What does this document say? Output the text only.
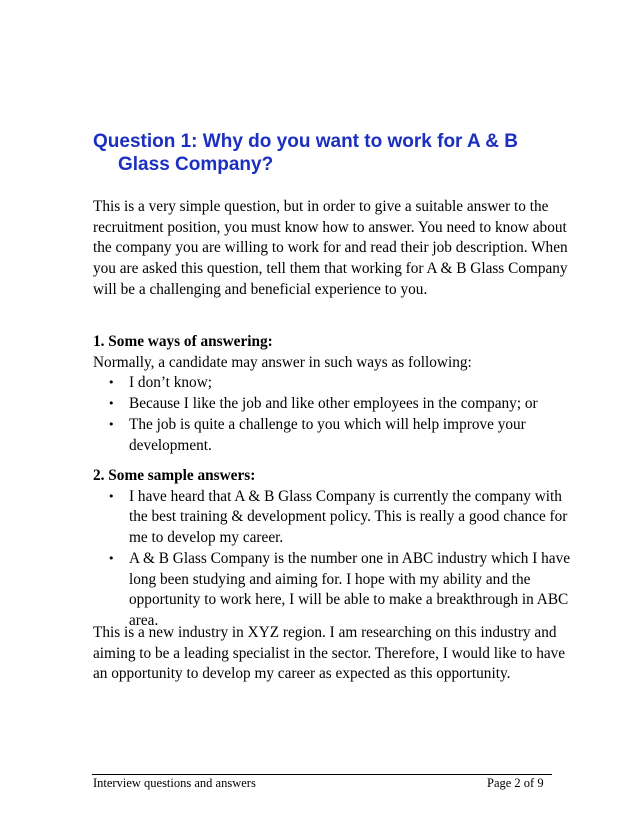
Question 1: Why do you want to work for A & B
Glass Company?

This is a very simple question, but in order to give a suitable answer to the recruitment position, you must know how to answer. You need to know about the company you are willing to work for and read their job description. When you are asked this question, tell them that working for A & B Glass Company will be a challenging and beneficial experience to you.

1. Some ways of answering:
Normally, a candidate may answer in such ways as following:
• I don’t know;
• Because I like the job and like other employees in the company; or
• The job is quite a challenge to you which will help improve your development.
2. Some sample answers:
• I have heard that A & B Glass Company is currently the company with the best training & development policy. This is really a good chance for me to develop my career.
• A & B Glass Company is the number one in ABC industry which I have long been studying and aiming for. I hope with my ability and the opportunity to work here, I will be able to make a breakthrough in ABC area.

This is a new industry in XYZ region. I am researching on this industry and aiming to be a leading specialist in the sector. Therefore, I would like to have an opportunity to develop my career as expected as this opportunity.

Interview questions and answers	Page 2 of 9
